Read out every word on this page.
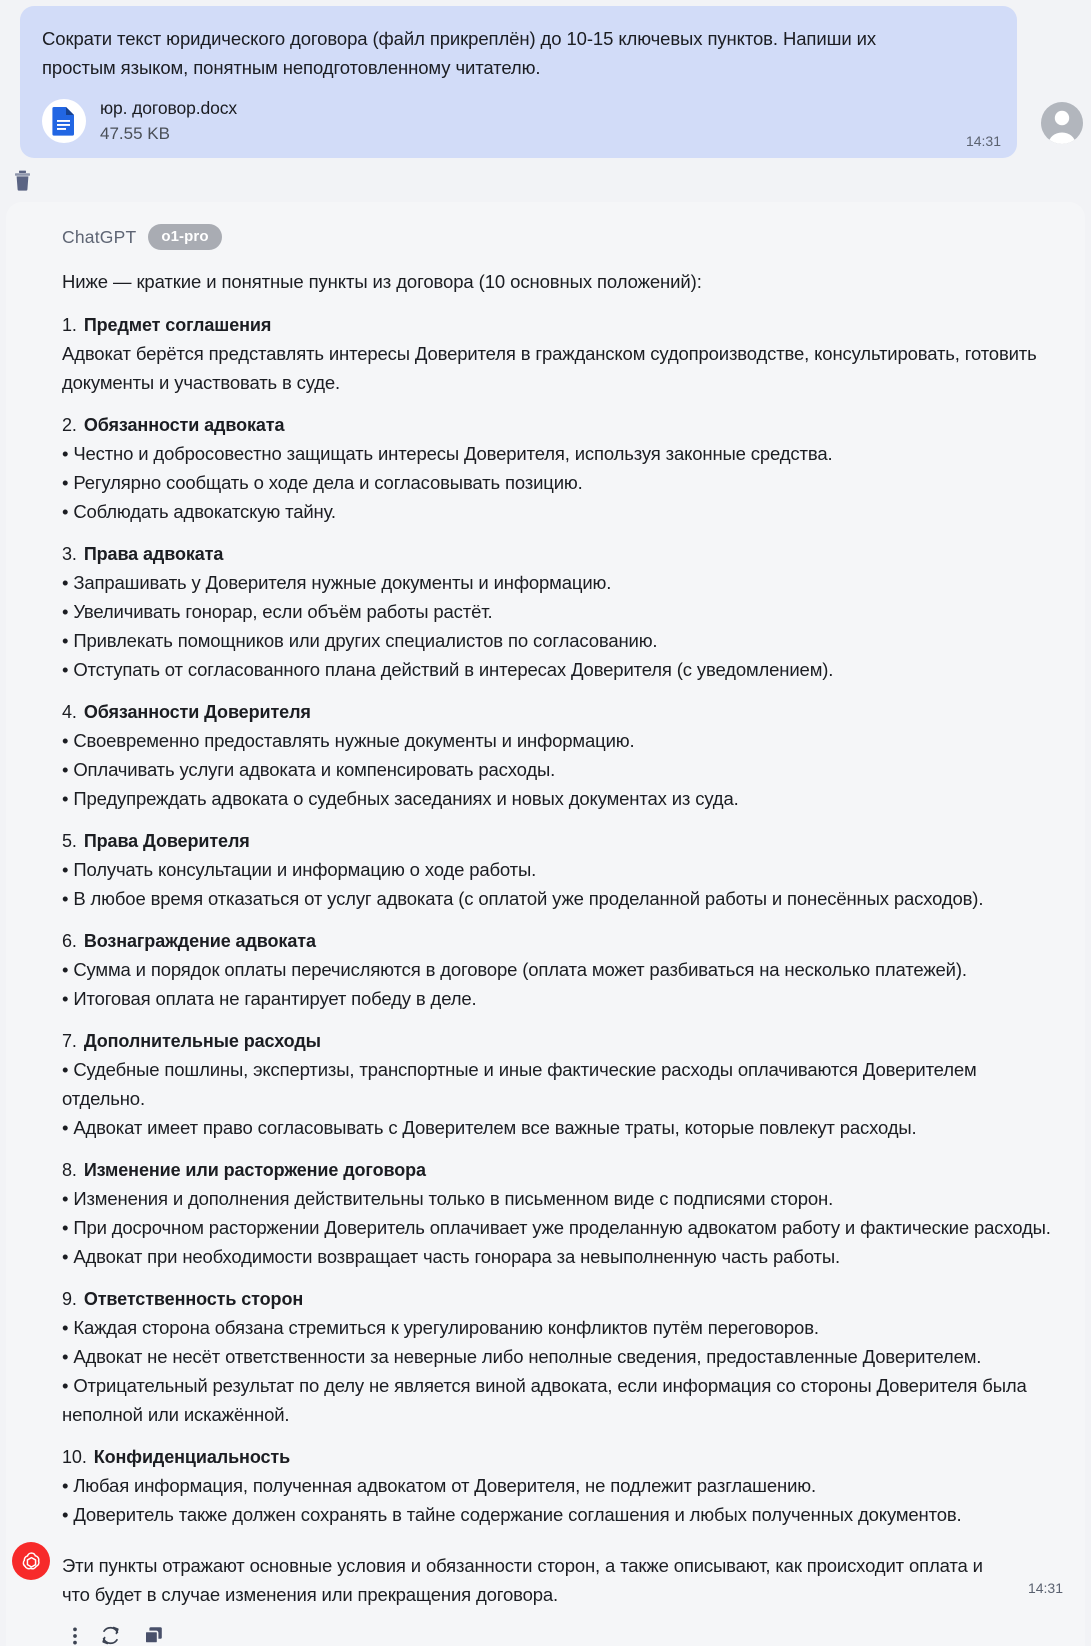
Сократи текст юридического договора (файл прикреплён) до 10-15 ключевых пунктов. Напиши их простым языком, понятным неподготовленному читателю.
юр. договор.docx
47.55 KB	14:31
ChatGPT	o1-pro
Ниже — краткие и понятные пункты из договора (10 основных положений):
1. Предмет соглашения
Адвокат берётся представлять интересы Доверителя в гражданском судопроизводстве, консультировать, готовить документы и участвовать в суде.
2. Обязанности адвоката
• Честно и добросовестно защищать интересы Доверителя, используя законные средства.
• Регулярно сообщать о ходе дела и согласовывать позицию.
• Соблюдать адвокатскую тайну.
3. Права адвоката
• Запрашивать у Доверителя нужные документы и информацию.
• Увеличивать гонорар, если объём работы растёт.
• Привлекать помощников или других специалистов по согласованию.
• Отступать от согласованного плана действий в интересах Доверителя (с уведомлением).
4. Обязанности Доверителя
• Своевременно предоставлять нужные документы и информацию.
• Оплачивать услуги адвоката и компенсировать расходы.
• Предупреждать адвоката о судебных заседаниях и новых документах из суда.
5. Права Доверителя
• Получать консультации и информацию о ходе работы.
• В любое время отказаться от услуг адвоката (с оплатой уже проделанной работы и понесённых расходов).
6. Вознаграждение адвоката
• Сумма и порядок оплаты перечисляются в договоре (оплата может разбиваться на несколько платежей).
• Итоговая оплата не гарантирует победу в деле.
7. Дополнительные расходы
• Судебные пошлины, экспертизы, транспортные и иные фактические расходы оплачиваются Доверителем отдельно.
• Адвокат имеет право согласовывать с Доверителем все важные траты, которые повлекут расходы.
8. Изменение или расторжение договора
• Изменения и дополнения действительны только в письменном виде с подписями сторон.
• При досрочном расторжении Доверитель оплачивает уже проделанную адвокатом работу и фактические расходы.
• Адвокат при необходимости возвращает часть гонорара за невыполненную часть работы.
9. Ответственность сторон
• Каждая сторона обязана стремиться к урегулированию конфликтов путём переговоров.
• Адвокат не несёт ответственности за неверные либо неполные сведения, предоставленные Доверителем.
• Отрицательный результат по делу не является виной адвоката, если информация со стороны Доверителя была неполной или искажённой.
10. Конфиденциальность
• Любая информация, полученная адвокатом от Доверителя, не подлежит разглашению.
• Доверитель также должен сохранять в тайне содержание соглашения и любых полученных документов.
Эти пункты отражают основные условия и обязанности сторон, а также описывают, как происходит оплата и что будет в случае изменения или прекращения договора.	14:31
